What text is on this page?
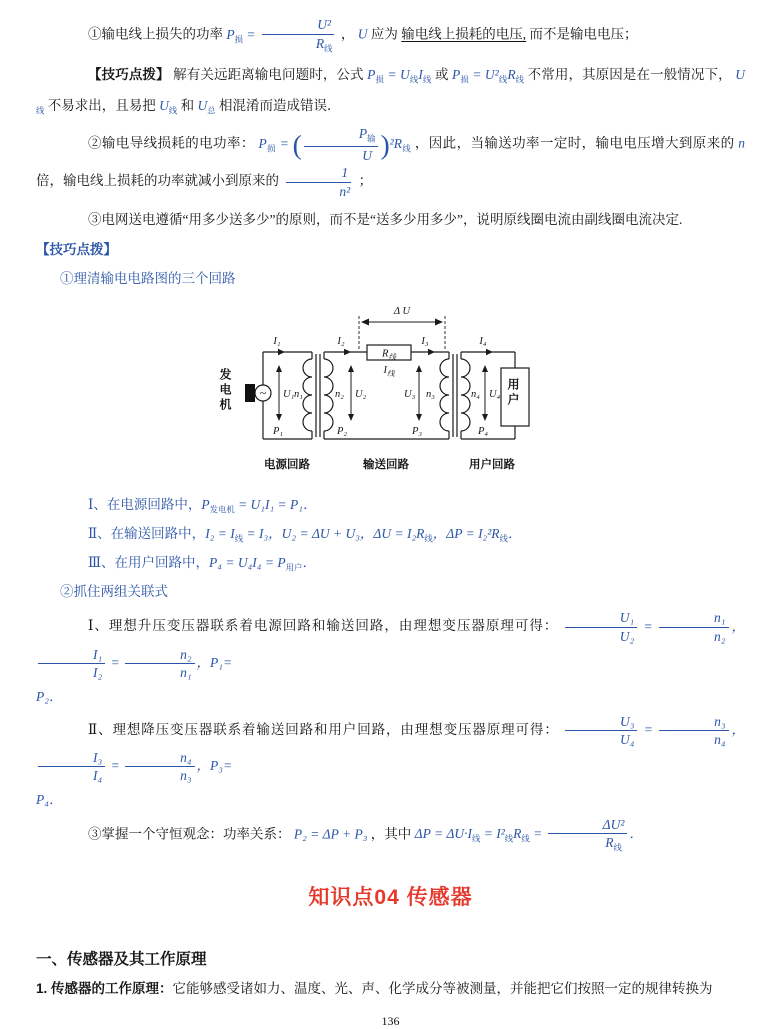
①输电线上损失的功率 $P_损 = \frac{\text{U²}}{R_线}$ ， U 应为 输电线上损耗的电压, 而不是输电电压；

【技巧点拨】 解有关远距离输电问题时，公式 $P_损 = U_线I_线$ 或 $P_损 = U^2_线R_线$ 不常用，其原因是在一般情况下， $U_线$ 不易求出，且易把 $U_线$ 和 $U_总$ 相混淆而造成错误．

②输电导线损耗的电功率： $P_损$ = ( $\frac{P_输}{U} )^2R_线$ ，因此，当输送功率一定时，输电电压增大到原来的 n 倍，输电线上损耗的功率就减小到原来的 $\frac{1}{\text{n²}}$ ；

③电网送电遵循“用多少送多少”的原则，而不是“送多少用多少”，说明原线圈电流由副线圈电流决定.

【技巧点拨】

①理清输电电路图的三个回路

I₁	I₂	I₃	I₄
U₁	U₂	U₃	U₄
n₁	n₂	n₃	n₄
P₁	P₂	P₃	P₄
Δ U
$R_线$
$I_线$
~
电源回路	输送回路	用户回路
发电机	用户

Ⅰ、在电源回路中，$P_{发电机} = U_1I_1 = P_1$．

Ⅱ、在输送回路中，$I_2 = I_线 = I_3$，U₂ = ΔU + U₃，$\Delta U = I_2R_线$，$\Delta P = I_2^2R_线$．

Ⅲ、在用户回路中，$P_4 = U_4I_4 = P_{用户}$．

②抓住两组关联式

Ⅰ、理想升压变压器联系着电源回路和输送回路，由理想变压器原理可得： $\frac{\text{U₁}}{\text{U₂}} = \frac{\text{n₁}}{\text{n₂}}$ ，
$\frac{\text{I₁}}{\text{I₂}} = \frac{\text{n₂}}{\text{n₁}}$ ，P₁=

P₂．

Ⅱ、理想降压变压器联系着输送回路和用户回路，由理想变压器原理可得： $\frac{\text{U₃}}{\text{U₄}} = \frac{\text{n₃}}{\text{n₄}}$ ，
$\frac{\text{I₃}}{\text{I₄}} = \frac{\text{n₄}}{\text{n₃}}$ ，P₃=

P₄．

③掌握一个守恒观念：功率关系： P₂ = ΔP + P₃ ，其中 $\Delta P = \Delta U\cdot I_线 = I^2_线R_线 = \frac{\text{ΔU²}}{R_线}$ ．

知识点04 传感器
一、传感器及其工作原理

1. 传感器的工作原理：它能够感受诸如力、温度、光、声、化学成分等被测量，并能把它们按照一定的规律转换为

136
